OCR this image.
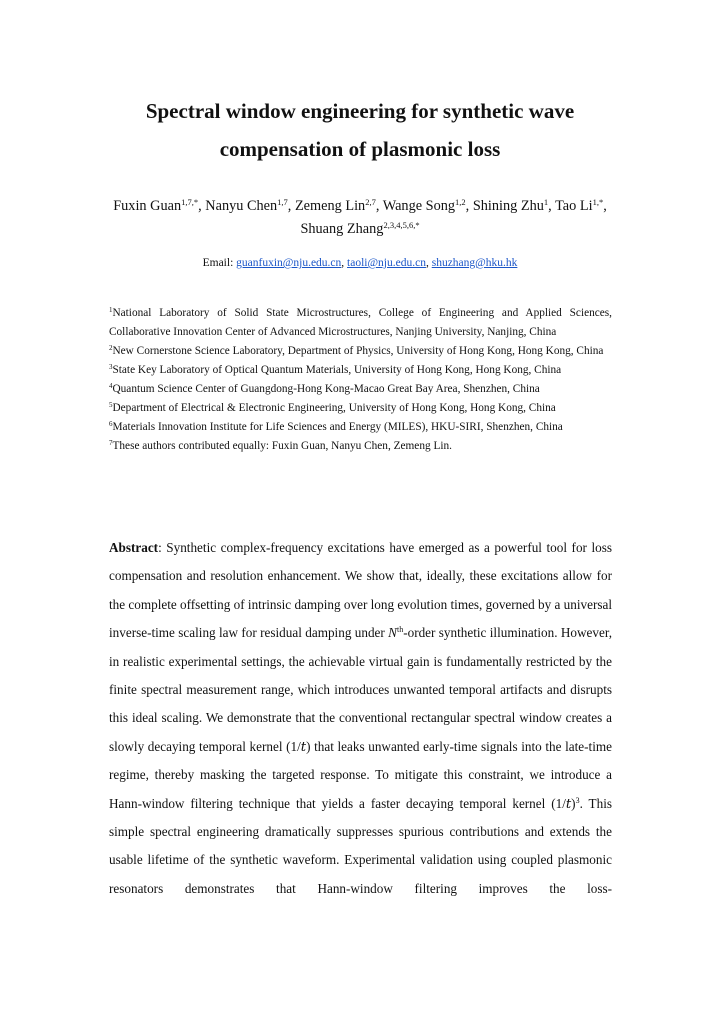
Spectral window engineering for synthetic wave
compensation of plasmonic loss
Fuxin Guan$^{1,7,*}$, Nanyu Chen$^{1,7}$, Zemeng Lin$^{2,7}$, Wange Song$^{1,2}$, Shining Zhu$^1$, Tao $Li^{1,*}$, Shuang Zhang$^{2,3,4,5,6,*}$
Email: guanfuxin@nju.edu.cn, taoli@nju.edu.cn, shuzhang@hku.hk
$^1$National Laboratory of Solid State Microstructures, College of Engineering and Applied Sciences, Collaborative Innovation Center of Advanced Microstructures, Nanjing University, Nanjing, China
$^2$New Cornerstone Science Laboratory, Department of Physics, University of Hong Kong, Hong Kong, China
$^3$State Key Laboratory of Optical Quantum Materials, University of Hong Kong, Hong Kong, China
$^4$Quantum Science Center of Guangdong-Hong Kong-Macao Great Bay Area, Shenzhen, China
$^5$Department of Electrical & Electronic Engineering, University of Hong Kong, Hong Kong, China
$^6$Materials Innovation Institute for Life Sciences and Energy (MILES), HKU-SIRI, Shenzhen, China
$^7$These authors contributed equally: Fuxin Guan, Nanyu Chen, Zemeng Lin.
Abstract: Synthetic complex-frequency excitations have emerged as a powerful tool for loss compensation and resolution enhancement. We show that, ideally, these excitations allow for the complete offsetting of intrinsic damping over long evolution times, governed by a universal inverse-time scaling law for residual damping under $N^{th}$-order synthetic illumination. However, in realistic experimental settings, the achievable virtual gain is fundamentally restricted by the finite spectral measurement range, which introduces unwanted temporal artifacts and disrupts this ideal scaling. We demonstrate that the conventional rectangular spectral window creates a slowly decaying temporal kernel (1/𝑡) that leaks unwanted early-time signals into the late-time regime, thereby masking the targeted response. To mitigate this constraint, we introduce a Hann-window filtering technique that yields a faster decaying temporal kernel (1/𝑡)$^3$. This simple spectral engineering dramatically suppresses spurious contributions and extends the usable lifetime of the synthetic waveform. Experimental validation using coupled plasmonic resonators demonstrates that Hann-window filtering improves the loss-
